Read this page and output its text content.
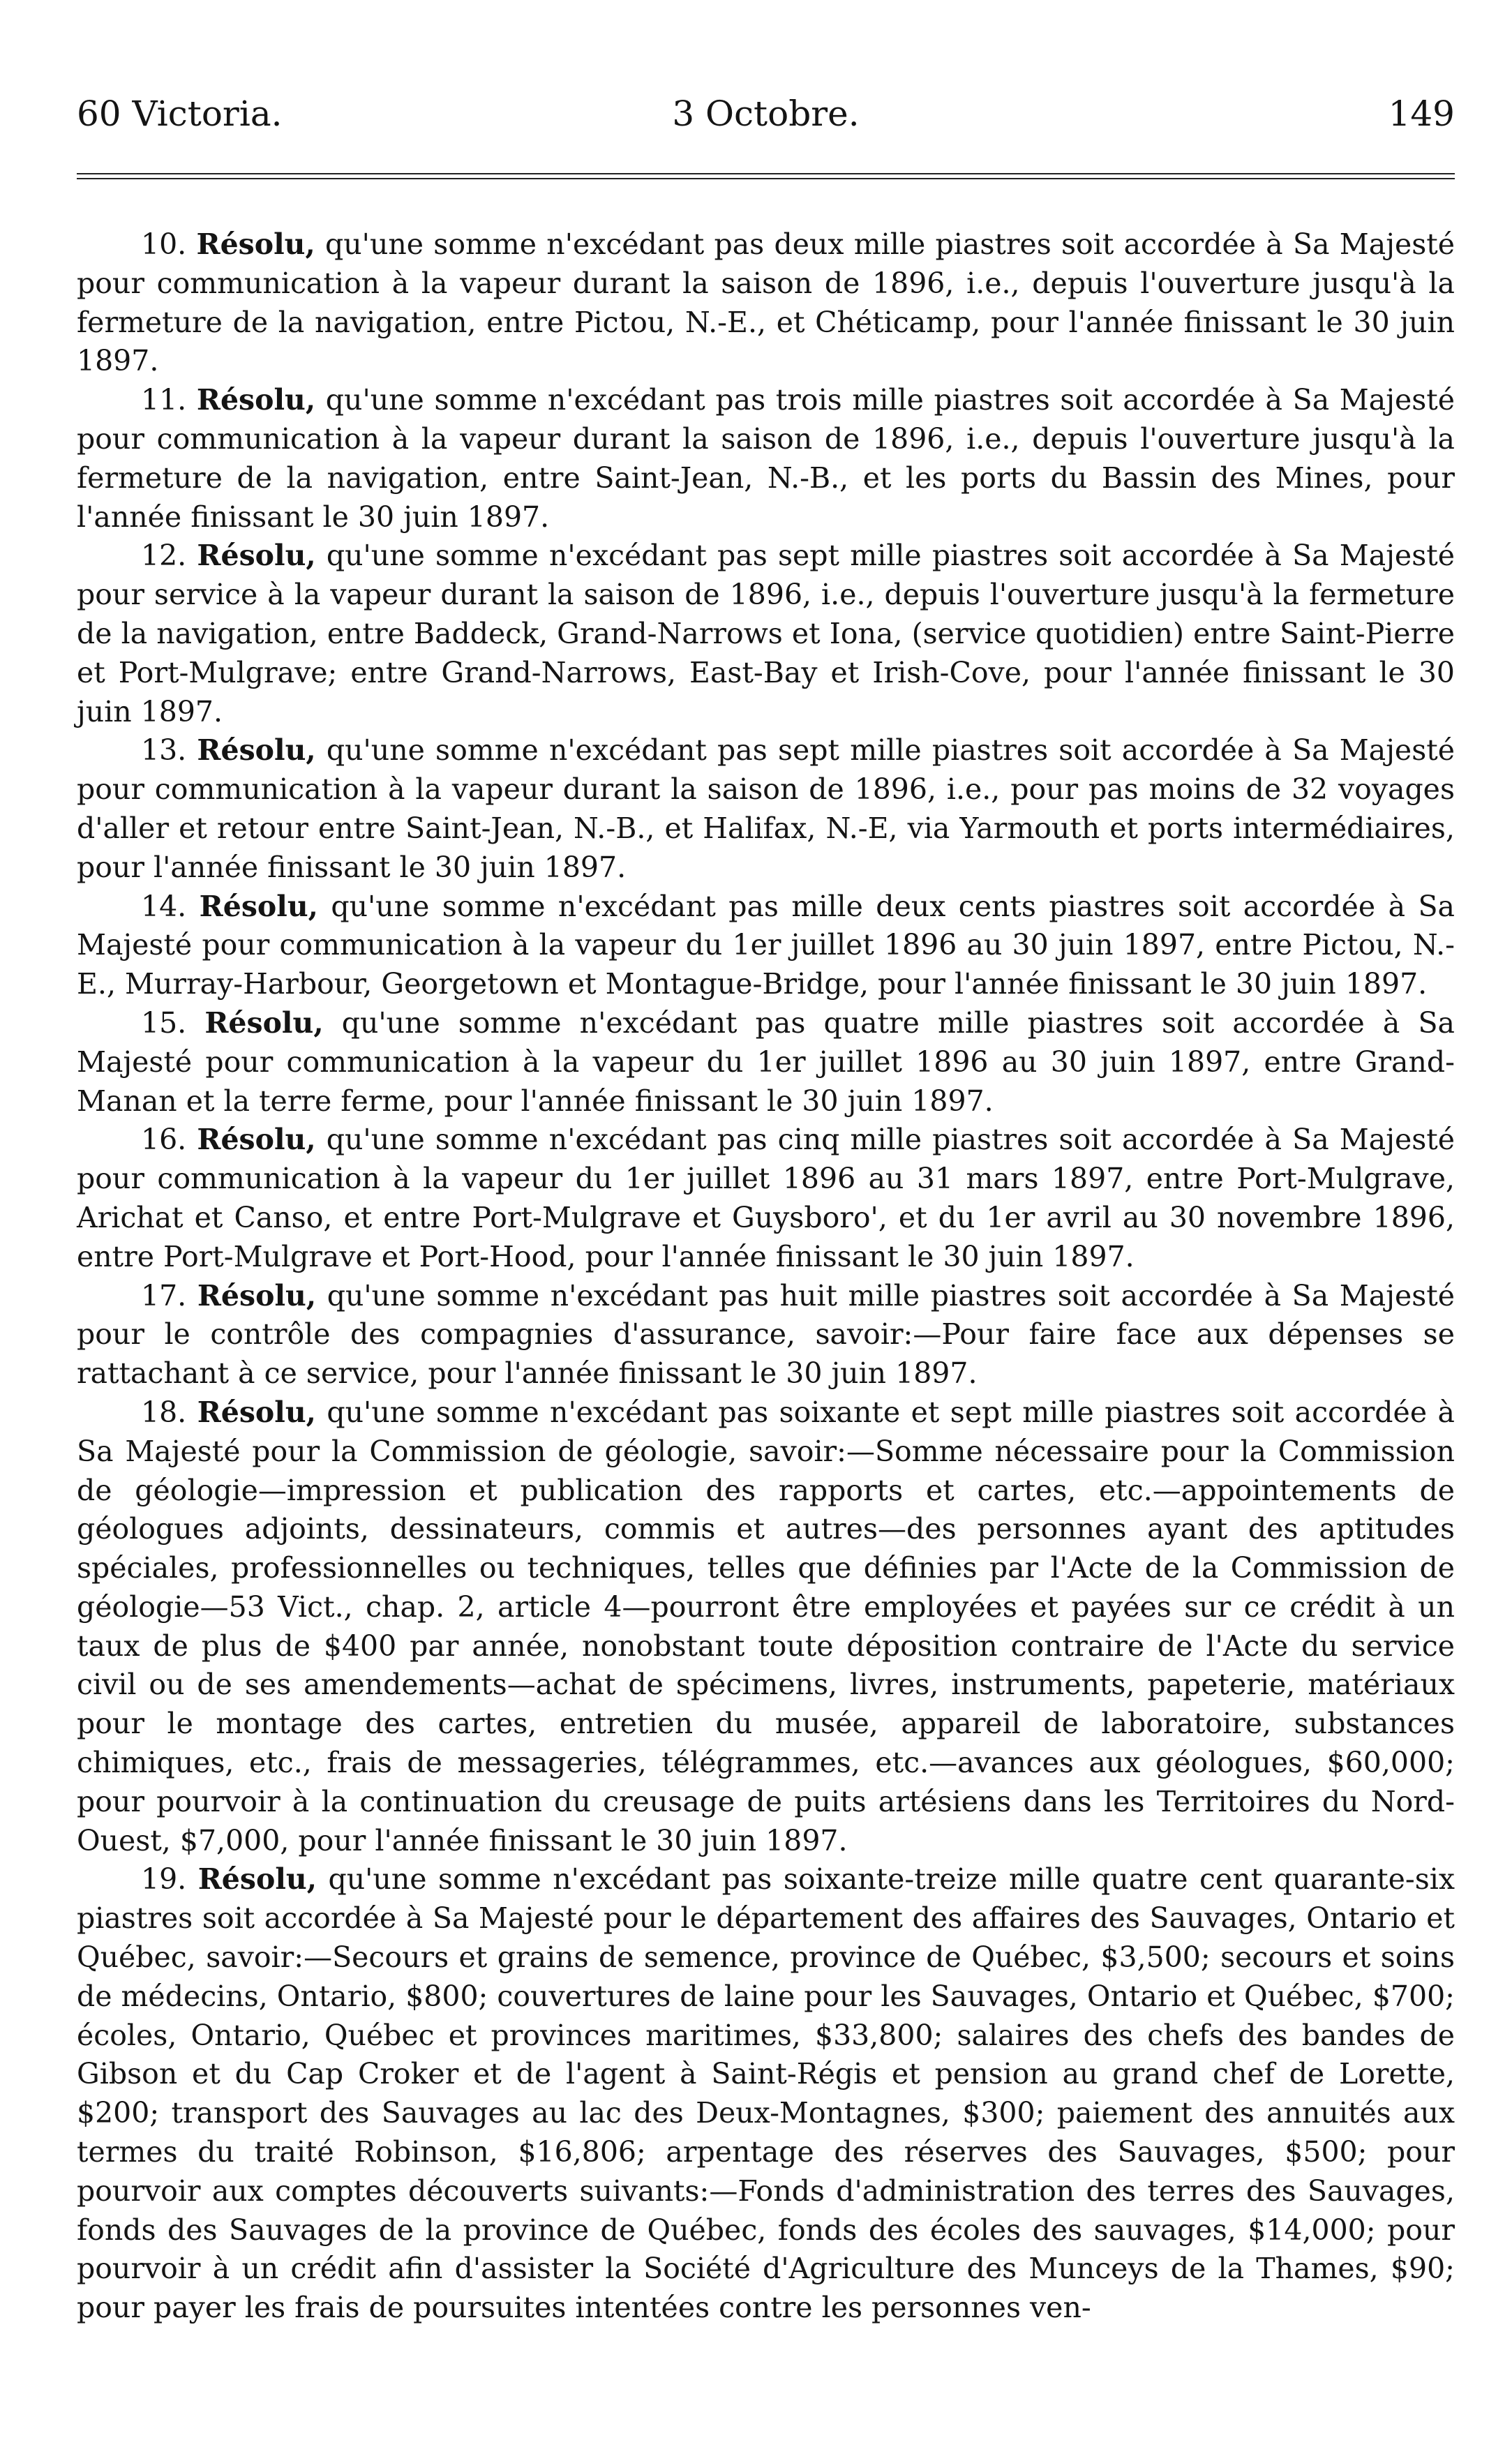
60 Victoria.	3 Octobre.	149

10. Résolu, qu'une somme n'excédant pas deux mille piastres soit accordée à Sa Majesté pour communication à la vapeur durant la saison de 1896, i.e., depuis l'ouverture jusqu'à la fermeture de la navigation, entre Pictou, N.-E., et Chéticamp, pour l'année finissant le 30 juin 1897.

11. Résolu, qu'une somme n'excédant pas trois mille piastres soit accordée à Sa Majesté pour communication à la vapeur durant la saison de 1896, i.e., depuis l'ouverture jusqu'à la fermeture de la navigation, entre Saint-Jean, N.-B., et les ports du Bassin des Mines, pour l'année finissant le 30 juin 1897.

12. Résolu, qu'une somme n'excédant pas sept mille piastres soit accordée à Sa Majesté pour service à la vapeur durant la saison de 1896, i.e., depuis l'ouverture jusqu'à la fermeture de la navigation, entre Baddeck, Grand-Narrows et Iona, (service quotidien) entre Saint-Pierre et Port-Mulgrave; entre Grand-Narrows, East-Bay et Irish-Cove, pour l'année finissant le 30 juin 1897.

13. Résolu, qu'une somme n'excédant pas sept mille piastres soit accordée à Sa Majesté pour communication à la vapeur durant la saison de 1896, i.e., pour pas moins de 32 voyages d'aller et retour entre Saint-Jean, N.-B., et Halifax, N.-E, via Yarmouth et ports intermédiaires, pour l'année finissant le 30 juin 1897.

14. Résolu, qu'une somme n'excédant pas mille deux cents piastres soit accordée à Sa Majesté pour communication à la vapeur du 1er juillet 1896 au 30 juin 1897, entre Pictou, N.-E., Murray-Harbour, Georgetown et Montague-Bridge, pour l'année finissant le 30 juin 1897.

15. Résolu, qu'une somme n'excédant pas quatre mille piastres soit accordée à Sa Majesté pour communication à la vapeur du 1er juillet 1896 au 30 juin 1897, entre Grand-Manan et la terre ferme, pour l'année finissant le 30 juin 1897.

16. Résolu, qu'une somme n'excédant pas cinq mille piastres soit accordée à Sa Majesté pour communication à la vapeur du 1er juillet 1896 au 31 mars 1897, entre Port-Mulgrave, Arichat et Canso, et entre Port-Mulgrave et Guysboro', et du 1er avril au 30 novembre 1896, entre Port-Mulgrave et Port-Hood, pour l'année finissant le 30 juin 1897.

17. Résolu, qu'une somme n'excédant pas huit mille piastres soit accordée à Sa Majesté pour le contrôle des compagnies d'assurance, savoir:—Pour faire face aux dépenses se rattachant à ce service, pour l'année finissant le 30 juin 1897.

18. Résolu, qu'une somme n'excédant pas soixante et sept mille piastres soit accordée à Sa Majesté pour la Commission de géologie, savoir:—Somme nécessaire pour la Commission de géologie—impression et publication des rapports et cartes, etc.—appointements de géologues adjoints, dessinateurs, commis et autres—des personnes ayant des aptitudes spéciales, professionnelles ou techniques, telles que définies par l'Acte de la Commission de géologie—53 Vict., chap. 2, article 4—pourront être employées et payées sur ce crédit à un taux de plus de $400 par année, nonobstant toute déposition contraire de l'Acte du service civil ou de ses amendements—achat de spécimens, livres, instruments, papeterie, matériaux pour le montage des cartes, entretien du musée, appareil de laboratoire, substances chimiques, etc., frais de messageries, télégrammes, etc.—avances aux géologues, $60,000; pour pourvoir à la continuation du creusage de puits artésiens dans les Territoires du Nord-Ouest, $7,000, pour l'année finissant le 30 juin 1897.

19. Résolu, qu'une somme n'excédant pas soixante-treize mille quatre cent quarante-six piastres soit accordée à Sa Majesté pour le département des affaires des Sauvages, Ontario et Québec, savoir:—Secours et grains de semence, province de Québec, $3,500; secours et soins de médecins, Ontario, $800; couvertures de laine pour les Sauvages, Ontario et Québec, $700; écoles, Ontario, Québec et provinces maritimes, $33,800; salaires des chefs des bandes de Gibson et du Cap Croker et de l'agent à Saint-Régis et pension au grand chef de Lorette, $200; transport des Sauvages au lac des Deux-Montagnes, $300; paiement des annuités aux termes du traité Robinson, $16,806; arpentage des réserves des Sauvages, $500; pour pourvoir aux comptes découverts suivants:—Fonds d'administration des terres des Sauvages, fonds des Sauvages de la province de Québec, fonds des écoles des sauvages, $14,000; pour pourvoir à un crédit afin d'assister la Société d'Agriculture des Munceys de la Thames, $90; pour payer les frais de poursuites intentées contre les personnes ven-
